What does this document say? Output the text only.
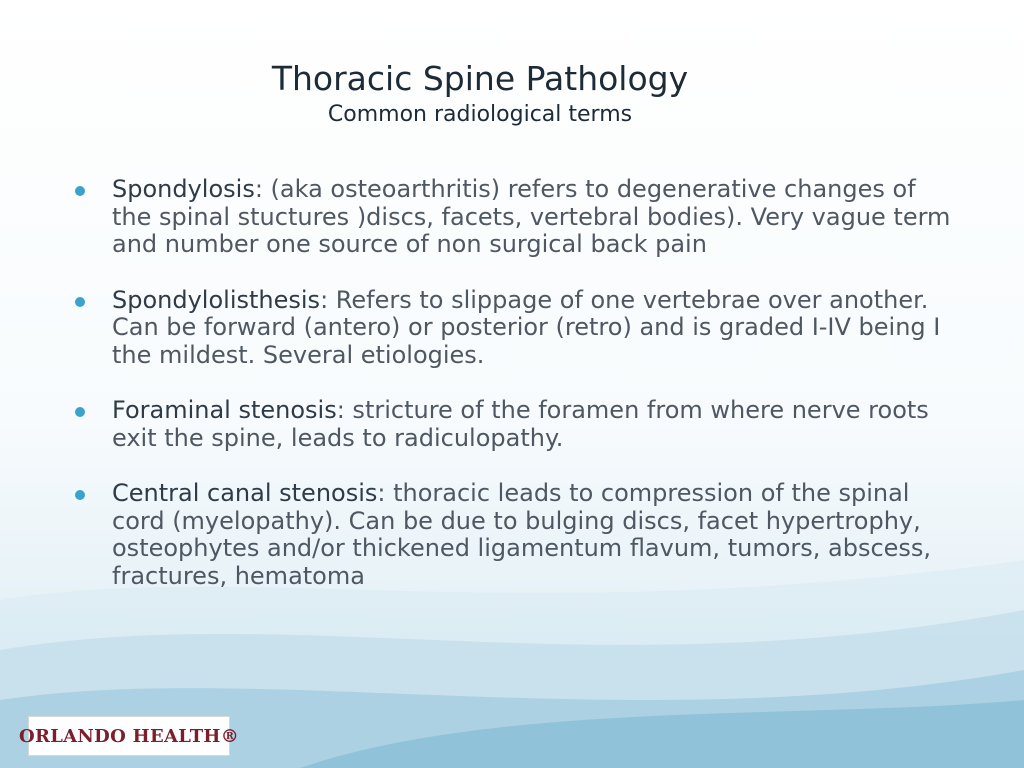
Thoracic Spine Pathology
Common radiological terms
Spondylosis: (aka osteoarthritis) refers to degenerative changes of the spinal stuctures )discs, facets, vertebral bodies). Very vague term and number one source of non surgical back pain
Spondylolisthesis: Refers to slippage of one vertebrae over another. Can be forward (antero) or posterior (retro) and is graded I-IV being I the mildest. Several etiologies.
Foraminal stenosis: stricture of the foramen from where nerve roots exit the spine, leads to radiculopathy.
Central canal stenosis: thoracic leads to compression of the spinal cord (myelopathy). Can be due to bulging discs, facet hypertrophy, osteophytes and/or thickened ligamentum flavum, tumors, abscess, fractures, hematoma
ORLANDO HEALTH®
